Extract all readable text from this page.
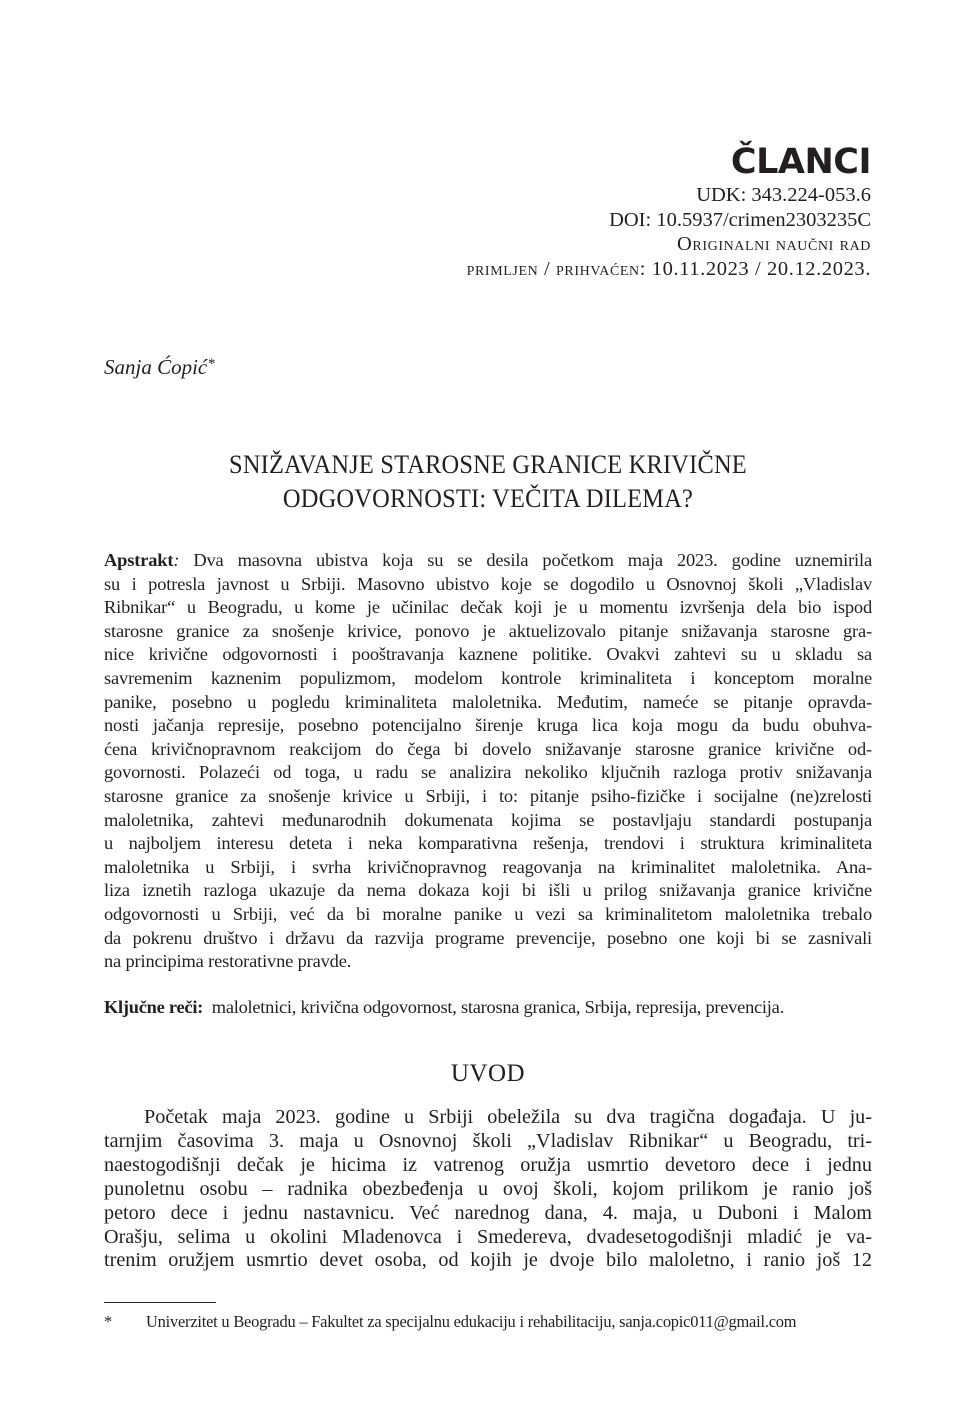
ČLANCI
UDK: 343.224-053.6
DOI: 10.5937/crimen2303235C
Originalni naučni rad
primljen / prihvaćen: 10.11.2023 / 20.12.2023.
Sanja Ćopić*
SNIŽAVANJE STAROSNE GRANICE KRIVIČNE
ODGOVORNOSTI: VEČITA DILEMA?
Apstrakt: Dva masovna ubistva koja su se desila početkom maja 2023. godine uznemirila
su i potresla javnost u Srbiji. Masovno ubistvo koje se dogodilo u Osnovnoj školi „Vladislav
Ribnikar“ u Beogradu, u kome je učinilac dečak koji je u momentu izvršenja dela bio ispod
starosne granice za snošenje krivice, ponovo je aktuelizovalo pitanje snižavanja starosne gra-
nice krivične odgovornosti i pooštravanja kaznene politike. Ovakvi zahtevi su u skladu sa
savremenim kaznenim populizmom, modelom kontrole kriminaliteta i konceptom moralne
panike, posebno u pogledu kriminaliteta maloletnika. Međutim, nameće se pitanje opravda-
nosti jačanja represije, posebno potencijalno širenje kruga lica koja mogu da budu obuhva-
ćena krivičnopravnom reakcijom do čega bi dovelo snižavanje starosne granice krivične od-
govornosti. Polazeći od toga, u radu se analizira nekoliko ključnih razloga protiv snižavanja
starosne granice za snošenje krivice u Srbiji, i to: pitanje psiho-fizičke i socijalne (ne)zrelosti
maloletnika, zahtevi međunarodnih dokumenata kojima se postavljaju standardi postupanja
u najboljem interesu deteta i neka komparativna rešenja, trendovi i struktura kriminaliteta
maloletnika u Srbiji, i svrha krivičnopravnog reagovanja na kriminalitet maloletnika. Ana-
liza iznetih razloga ukazuje da nema dokaza koji bi išli u prilog snižavanja granice krivične
odgovornosti u Srbiji, već da bi moralne panike u vezi sa kriminalitetom maloletnika trebalo
da pokrenu društvo i državu da razvija programe prevencije, posebno one koji bi se zasnivali
na principima restorativne pravde.
Ključne reči: maloletnici, krivična odgovornost, starosna granica, Srbija, represija, prevencija.
UVOD
Početak maja 2023. godine u Srbiji obeležila su dva tragična događaja. U ju-
tarnjim časovima 3. maja u Osnovnoj školi „Vladislav Ribnikar“ u Beogradu, tri-
naestogodišnji dečak je hicima iz vatrenog oružja usmrtio devetoro dece i jednu
punoletnu osobu – radnika obezbeđenja u ovoj školi, kojom prilikom je ranio još
petoro dece i jednu nastavnicu. Već narednog dana, 4. maja, u Duboni i Malom
Orašju, selima u okolini Mladenovca i Smedereva, dvadesetogodišnji mladić je va-
trenim oružjem usmrtio devet osoba, od kojih je dvoje bilo maloletno, i ranio još 12
* Univerzitet u Beogradu – Fakultet za specijalnu edukaciju i rehabilitaciju, sanja.copic011@gmail.com
